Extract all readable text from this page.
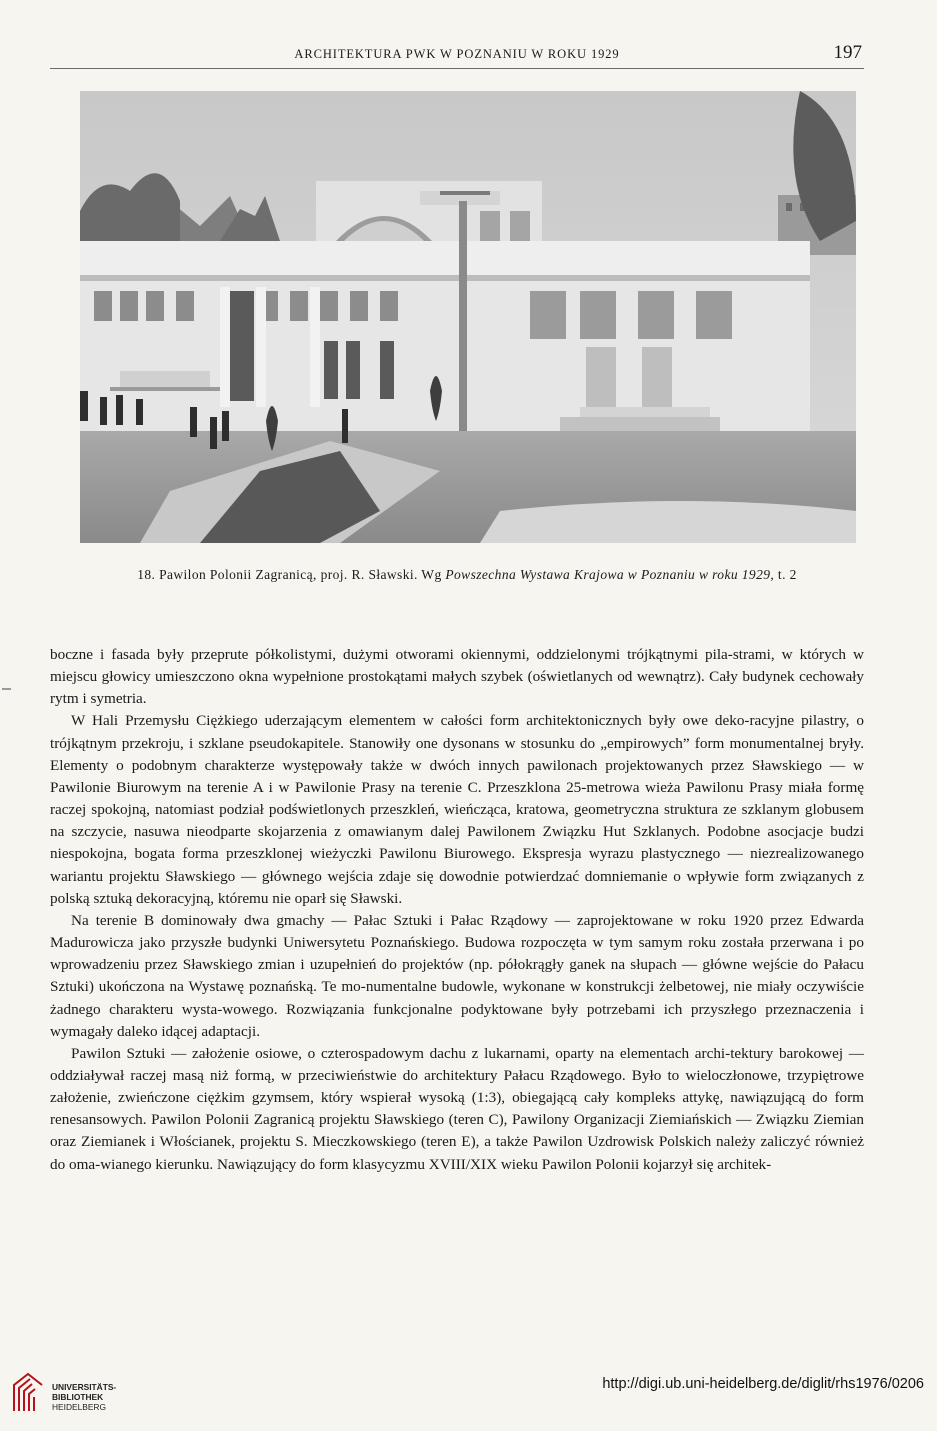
ARCHITEKTURA PWK W POZNANIU W ROKU 1929	197
18. Pawilon Polonii Zagranicą, proj. R. Sławski. Wg Powszechna Wystawa Krajowa w Poznaniu w roku 1929, t. 2

boczne i fasada były przeprute półkolistymi, dużymi otworami okiennymi, oddzielonymi trójkątnymi pila-strami, w których w miejscu głowicy umieszczono okna wypełnione prostokątami małych szybek (oświetlanych od wewnątrz). Cały budynek cechowały rytm i symetria.

W Hali Przemysłu Ciężkiego uderzającym elementem w całości form architektonicznych były owe deko-racyjne pilastry, o trójkątnym przekroju, i szklane pseudokapitele. Stanowiły one dysonans w stosunku do „empirowych” form monumentalnej bryły. Elementy o podobnym charakterze występowały także w dwóch innych pawilonach projektowanych przez Sławskiego — w Pawilonie Biurowym na terenie A i w Pawilonie Prasy na terenie C. Przeszklona 25-metrowa wieża Pawilonu Prasy miała formę raczej spokojną, natomiast podział podświetlonych przeszkleń, wieńcząca, kratowa, geometryczna struktura ze szklanym globusem na szczycie, nasuwa nieodparte skojarzenia z omawianym dalej Pawilonem Związku Hut Szklanych. Podobne asocjacje budzi niespokojna, bogata forma przeszklonej wieżyczki Pawilonu Biurowego. Ekspresja wyrazu plastycznego — niezrealizowanego wariantu projektu Sławskiego — głównego wejścia zdaje się dowodnie potwierdzać domniemanie o wpływie form związanych z polską sztuką dekoracyjną, któremu nie oparł się Sławski.

Na terenie B dominowały dwa gmachy — Pałac Sztuki i Pałac Rządowy — zaprojektowane w roku 1920 przez Edwarda Madurowicza jako przyszłe budynki Uniwersytetu Poznańskiego. Budowa rozpoczęta w tym samym roku została przerwana i po wprowadzeniu przez Sławskiego zmian i uzupełnień do projektów (np. półokrągły ganek na słupach — główne wejście do Pałacu Sztuki) ukończona na Wystawę poznańską. Te mo-numentalne budowle, wykonane w konstrukcji żelbetowej, nie miały oczywiście żadnego charakteru wysta-wowego. Rozwiązania funkcjonalne podyktowane były potrzebami ich przyszłego przeznaczenia i wymagały daleko idącej adaptacji.

Pawilon Sztuki — założenie osiowe, o czterospadowym dachu z lukarnami, oparty na elementach archi-tektury barokowej — oddziaływał raczej masą niż formą, w przeciwieństwie do architektury Pałacu Rządowego. Było to wieloczłonowe, trzypiętrowe założenie, zwieńczone ciężkim gzymsem, który wspierał wysoką (1:3), obiegającą cały kompleks attykę, nawiązującą do form renesansowych. Pawilon Polonii Zagranicą projektu Sławskiego (teren C), Pawilony Organizacji Ziemiańskich — Związku Ziemian oraz Ziemianek i Włościanek, projektu S. Mieczkowskiego (teren E), a także Pawilon Uzdrowisk Polskich należy zaliczyć również do oma-wianego kierunku. Nawiązujący do form klasycyzmu XVIII/XIX wieku Pawilon Polonii kojarzył się architek-

UNIVERSITÄTS-
BIBLIOTHEK
HEIDELBERG
http://digi.ub.uni-heidelberg.de/diglit/rhs1976/0206
